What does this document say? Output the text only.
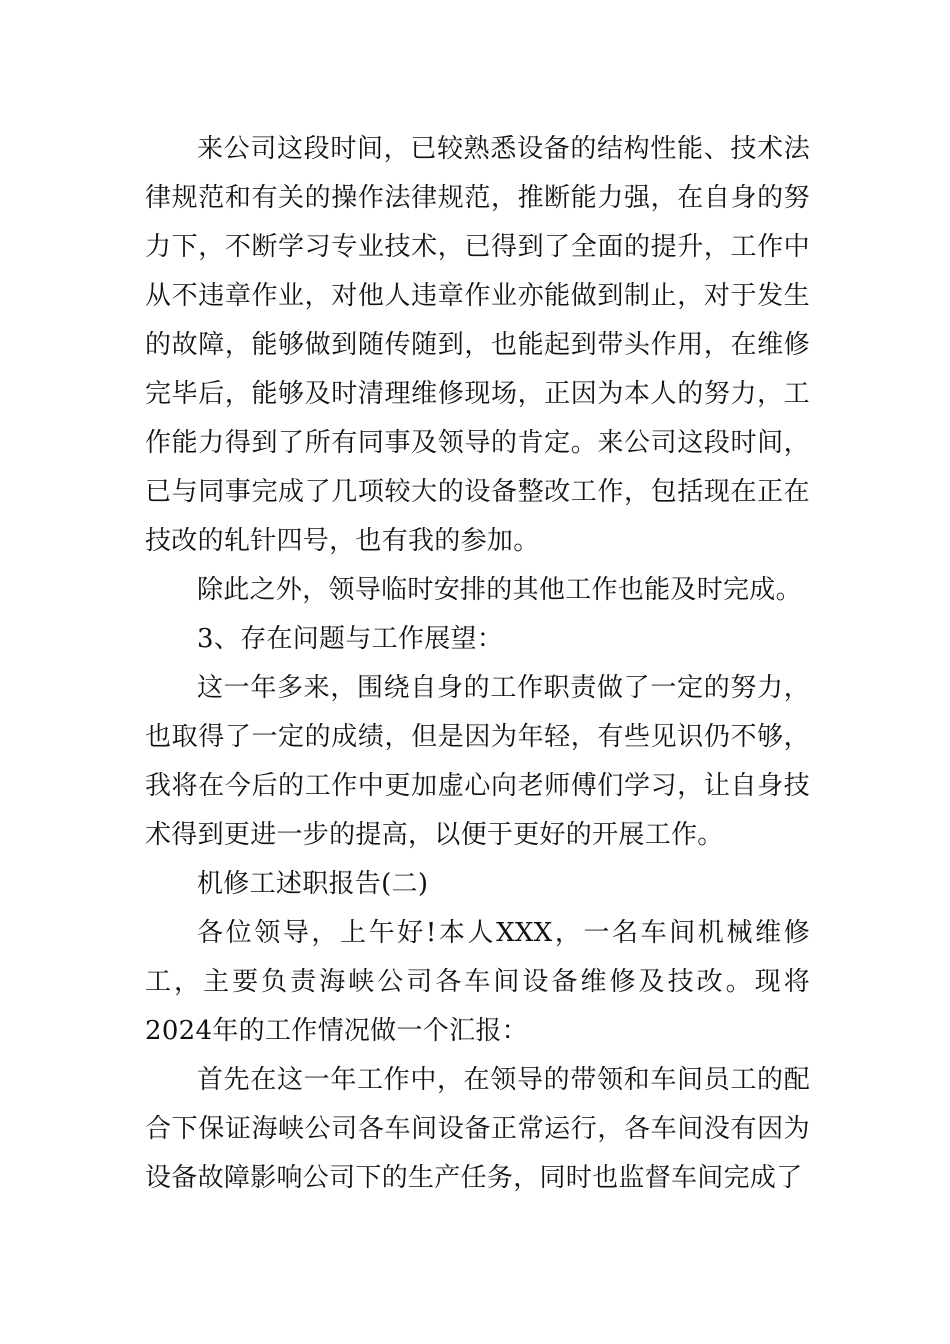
来公司这段时间，已较熟悉设备的结构性能、技术法律规范和有关的操作法律规范，推断能力强，在自身的努力下，不断学习专业技术，已得到了全面的提升，工作中从不违章作业，对他人违章作业亦能做到制止，对于发生的故障，能够做到随传随到，也能起到带头作用，在维修完毕后，能够及时清理维修现场，正因为本人的努力，工作能力得到了所有同事及领导的肯定。来公司这段时间，已与同事完成了几项较大的设备整改工作，包括现在正在技改的轧针四号，也有我的参加。

除此之外，领导临时安排的其他工作也能及时完成。

3、存在问题与工作展望：

这一年多来，围绕自身的工作职责做了一定的努力，也取得了一定的成绩，但是因为年轻，有些见识仍不够，我将在今后的工作中更加虚心向老师傅们学习，让自身技术得到更进一步的提高，以便于更好的开展工作。

机修工述职报告(二)

各位领导，上午好!本人XXX，一名车间机械维修工，主要负责海峡公司各车间设备维修及技改。现将2024年的工作情况做一个汇报：

首先在这一年工作中，在领导的带领和车间员工的配合下保证海峡公司各车间设备正常运行，各车间没有因为设备故障影响公司下的生产任务，同时也监督车间完成了
